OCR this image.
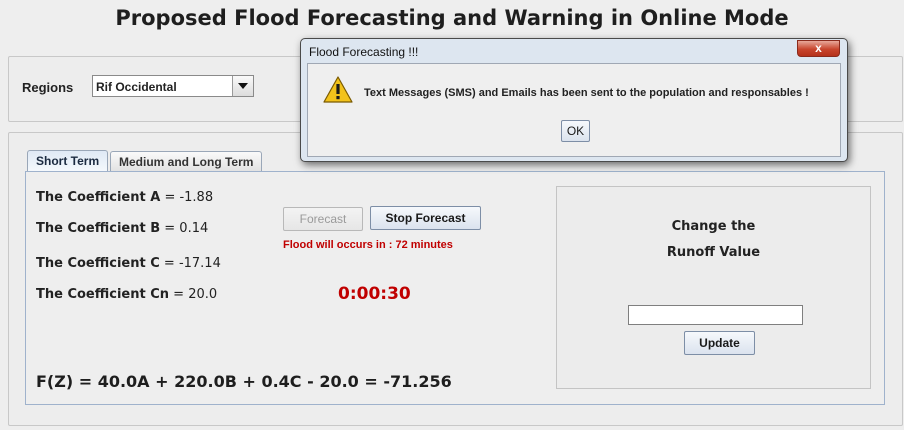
Proposed Flood Forecasting and Warning in Online Mode
Regions Rif Occidental
Short Term	Medium and Long Term
The Coefficient A = -1.88
The Coefficient B = 0.14
The Coefficient C = -17.14
The Coefficient Cn = 20.0
Forecast	Stop Forecast
Flood will occurs in : 72 minutes
0:00:30
F(Z) = 40.0A + 220.0B + 0.4C - 20.0 = -71.256
Change the
Runoff Value
Update
Flood Forecasting !!!	x
Text Messages (SMS) and Emails has been sent to the population and responsables !
OK
